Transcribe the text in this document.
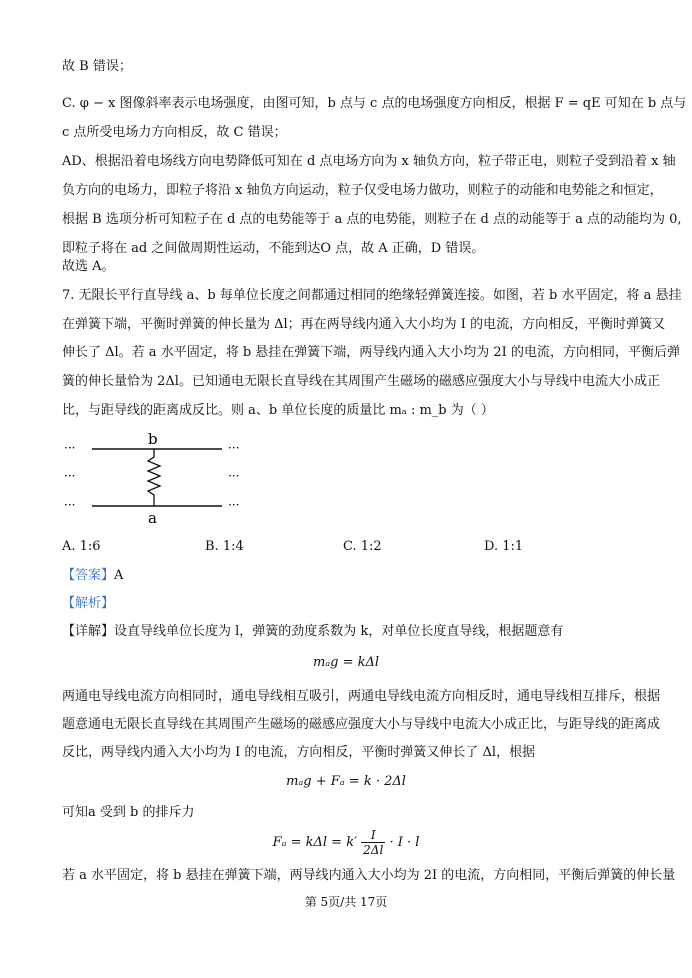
故 B 错误；
C. φ − x 图像斜率表示电场强度，由图可知，b 点与 c 点的电场强度方向相反，根据 F = qE 可知在 b 点与
c 点所受电场力方向相反，故 C 错误；
AD、根据沿着电场线方向电势降低可知在 d 点电场方向为 x 轴负方向，粒子带正电，则粒子受到沿着 x 轴
负方向的电场力，即粒子将沿 x 轴负方向运动，粒子仅受电场力做功，则粒子的动能和电势能之和恒定，
根据 B 选项分析可知粒子在 d 点的电势能等于 a 点的电势能，则粒子在 d 点的动能等于 a 点的动能均为 0,
即粒子将在 ad 之间做周期性运动，不能到达O 点，故 A 正确，D 错误。
故选 A。
7. 无限长平行直导线 a、b 每单位长度之间都通过相同的绝缘轻弹簧连接。如图，若 b 水平固定，将 a 悬挂
在弹簧下端，平衡时弹簧的伸长量为 Δl；再在两导线内通入大小均为 I 的电流，方向相反，平衡时弹簧又
伸长了 Δl。若 a 水平固定，将 b 悬挂在弹簧下端，两导线内通入大小均为 2I 的电流，方向相同，平衡后弹
簧的伸长量恰为 2Δl。已知通电无限长直导线在其周围产生磁场的磁感应强度大小与导线中电流大小成正
比，与距导线的距离成反比。则 a、b 单位长度的质量比 mₐ : m_b 为（ ）
b
a
···
···
···
···
···
···
A. 1:6	B. 1:4	C. 1:2	D. 1:1
【答案】A
【解析】
【详解】设直导线单位长度为 l，弹簧的劲度系数为 k，对单位长度直导线，根据题意有
mₐg = kΔl
两通电导线电流方向相同时，通电导线相互吸引，两通电导线电流方向相反时，通电导线相互排斥，根据
题意通电无限长直导线在其周围产生磁场的磁感应强度大小与导线中电流大小成正比，与距导线的距离成
反比，两导线内通入大小均为 I 的电流，方向相反，平衡时弹簧又伸长了 Δl，根据
mₐg + Fₐ = k · 2Δl
可知a 受到 b 的排斥力
$F_a = k\Delta l = k' \frac{I}{2\Delta l} \cdot I \cdot l$
若 a 水平固定，将 b 悬挂在弹簧下端，两导线内通入大小均为 2I 的电流，方向相同，平衡后弹簧的伸长量
第 5页/共 17页
